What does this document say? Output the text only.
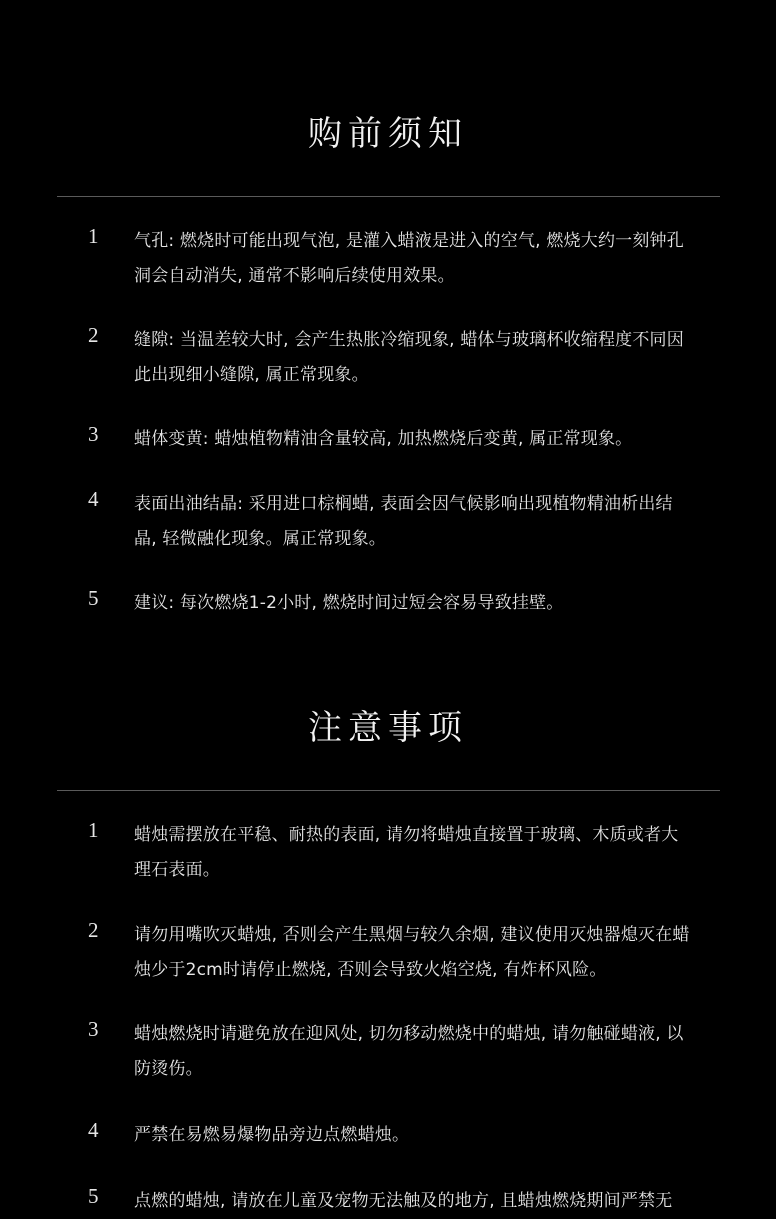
购前须知
1	气孔: 燃烧时可能出现气泡, 是灌入蜡液是进入的空气, 燃烧大约一刻钟孔洞会自动消失, 通常不影响后续使用效果。
2	缝隙: 当温差较大时, 会产生热胀冷缩现象, 蜡体与玻璃杯收缩程度不同因此出现细小缝隙, 属正常现象。
3	蜡体变黄: 蜡烛植物精油含量较高, 加热燃烧后变黄, 属正常现象。
4	表面出油结晶: 采用进口棕榈蜡, 表面会因气候影响出现植物精油析出结晶, 轻微融化现象。属正常现象。
5	建议: 每次燃烧1-2小时, 燃烧时间过短会容易导致挂壁。
注意事项
1	蜡烛需摆放在平稳、耐热的表面, 请勿将蜡烛直接置于玻璃、木质或者大理石表面。
2	请勿用嘴吹灭蜡烛, 否则会产生黑烟与较久余烟, 建议使用灭烛器熄灭在蜡烛少于2cm时请停止燃烧, 否则会导致火焰空烧, 有炸杯风险。
3	蜡烛燃烧时请避免放在迎风处, 切勿移动燃烧中的蜡烛, 请勿触碰蜡液, 以防烫伤。
4	严禁在易燃易爆物品旁边点燃蜡烛。
5	点燃的蜡烛, 请放在儿童及宠物无法触及的地方, 且蜡烛燃烧期间严禁无
